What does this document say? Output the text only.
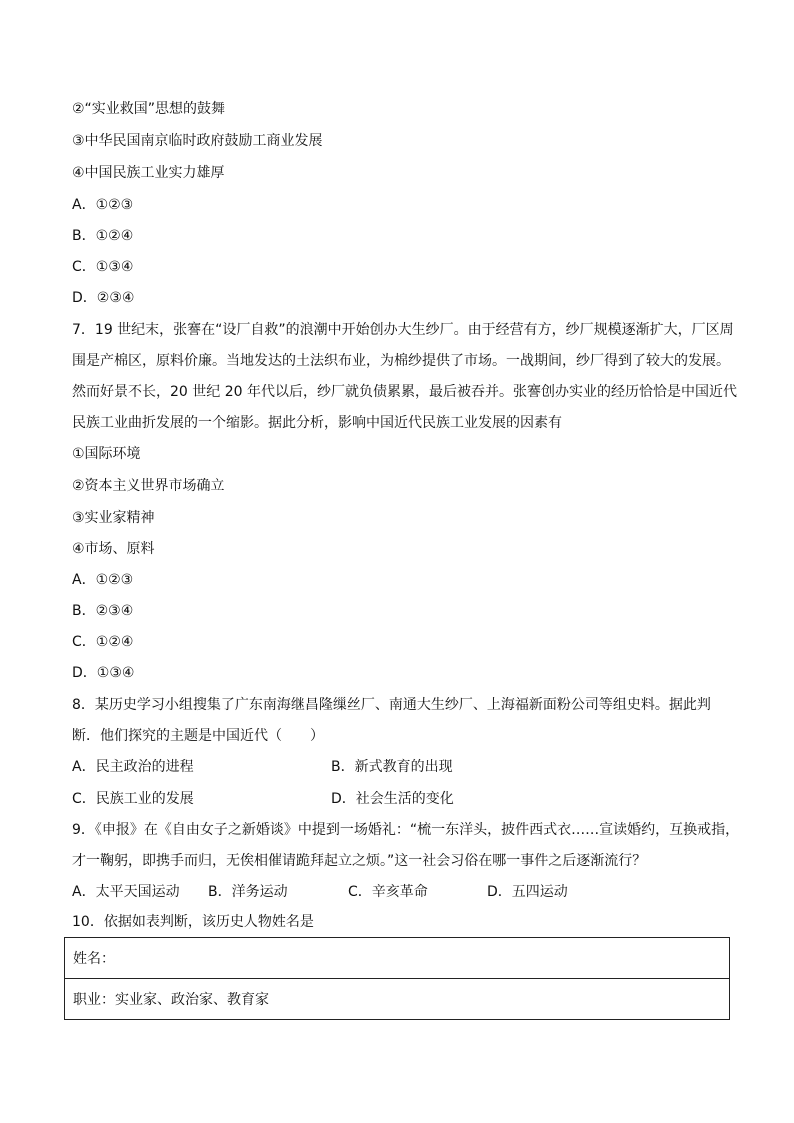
②“实业救国”思想的鼓舞
③中华民国南京临时政府鼓励工商业发展
④中国民族工业实力雄厚
A．①②③
B．①②④
C．①③④
D．②③④
7．19 世纪末，张謇在“设厂自救”的浪潮中开始创办大生纱厂。由于经营有方，纱厂规模逐渐扩大，厂区周
围是产棉区，原料价廉。当地发达的土法织布业，为棉纱提供了市场。一战期间，纱厂得到了较大的发展。
然而好景不长，20 世纪 20 年代以后，纱厂就负债累累，最后被吞并。张謇创办实业的经历恰恰是中国近代
民族工业曲折发展的一个缩影。据此分析，影响中国近代民族工业发展的因素有
①国际环境
②资本主义世界市场确立
③实业家精神
④市场、原料
A．①②③
B．②③④
C．①②④
D．①③④
8．某历史学习小组搜集了广东南海继昌隆缫丝厂、南通大生纱厂、上海福新面粉公司等组史料。据此判
断．他们探究的主题是中国近代（　　）
A．民主政治的进程	B．新式教育的出现
C．民族工业的发展	D．社会生活的变化
9．《申报》在《自由女子之新婚谈》中提到一场婚礼：“梳一东洋头，披件西式衣……宣读婚约，互换戒指，
才一鞠躬，即携手而归，无俟相催请跪拜起立之烦。”这一社会习俗在哪一事件之后逐渐流行？
A．太平天国运动 B．洋务运动	C．辛亥革命	D．五四运动
10．依据如表判断，该历史人物姓名是
姓名：
职业：实业家、政治家、教育家
